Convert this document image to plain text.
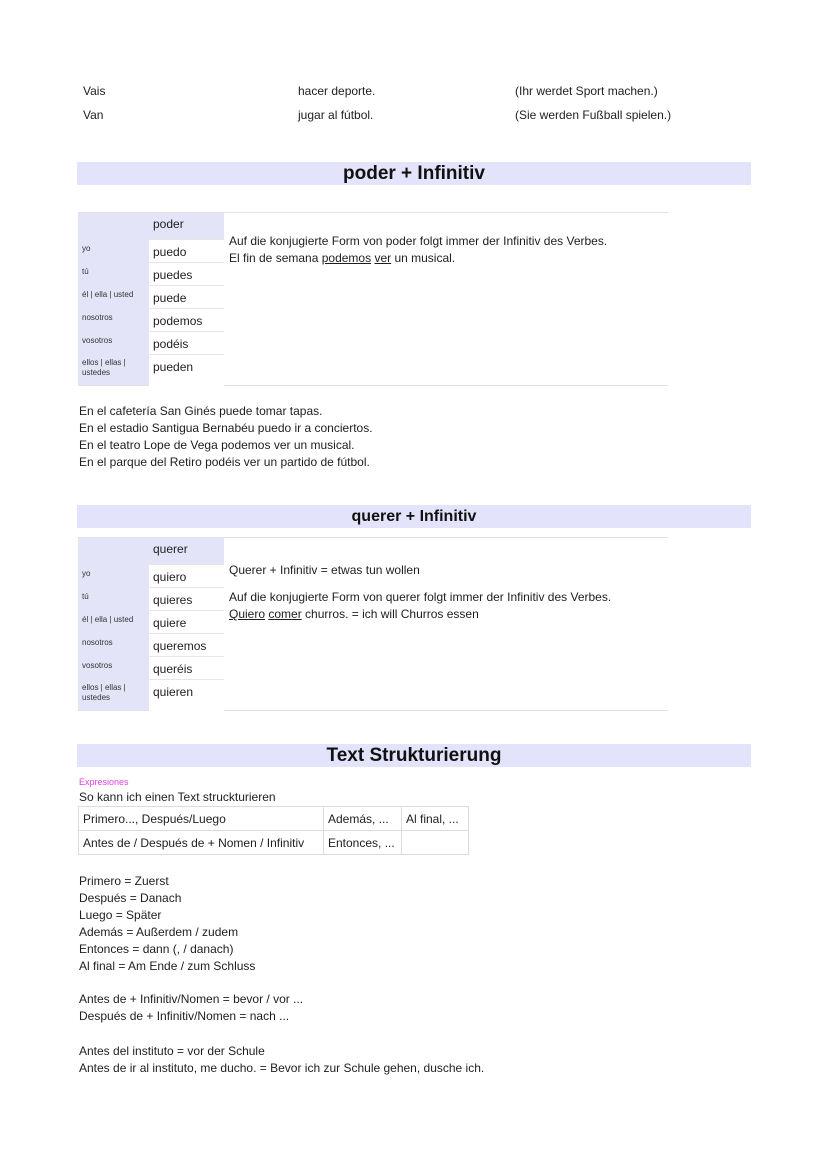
Vais	hacer deporte.	(Ihr werdet Sport machen.)
Van	jugar al fútbol.	(Sie werden Fußball spielen.)
poder + Infinitiv
poder
yo	puedo
tú	puedes
él | ella | usted	puede
nosotros	podemos
vosotros	podéis
ellos | ellas | ustedes	pueden
Auf die konjugierte Form von poder folgt immer der Infinitiv des Verbes.
El fin de semana podemos ver un musical.
En el cafetería San Ginés puede tomar tapas.
En el estadio Santigua Bernabéu puedo ir a conciertos.
En el teatro Lope de Vega podemos ver un musical.
En el parque del Retiro podéis ver un partido de fútbol.
querer + Infinitiv
querer
yo	quiero
tú	quieres
él | ella | usted	quiere
nosotros	queremos
vosotros	queréis
ellos | ellas | ustedes	quieren
Querer + Infinitiv = etwas tun wollen
Auf die konjugierte Form von querer folgt immer der Infinitiv des Verbes.
Quiero comer churros. = ich will Churros essen
Text Strukturierung
Expresiones
So kann ich einen Text struckturieren
Primero..., Después/Luego	Además, ...	Al final, ...
Antes de / Después de + Nomen / Infinitiv	Entonces, ...	
Primero = Zuerst
Después = Danach
Luego = Später
Además = Außerdem / zudem
Entonces = dann (, / danach)
Al final = Am Ende / zum Schluss
Antes de + Infinitiv/Nomen = bevor / vor ...
Después de + Infinitiv/Nomen = nach ...
Antes del instituto = vor der Schule
Antes de ir al instituto, me ducho. = Bevor ich zur Schule gehen, dusche ich.
